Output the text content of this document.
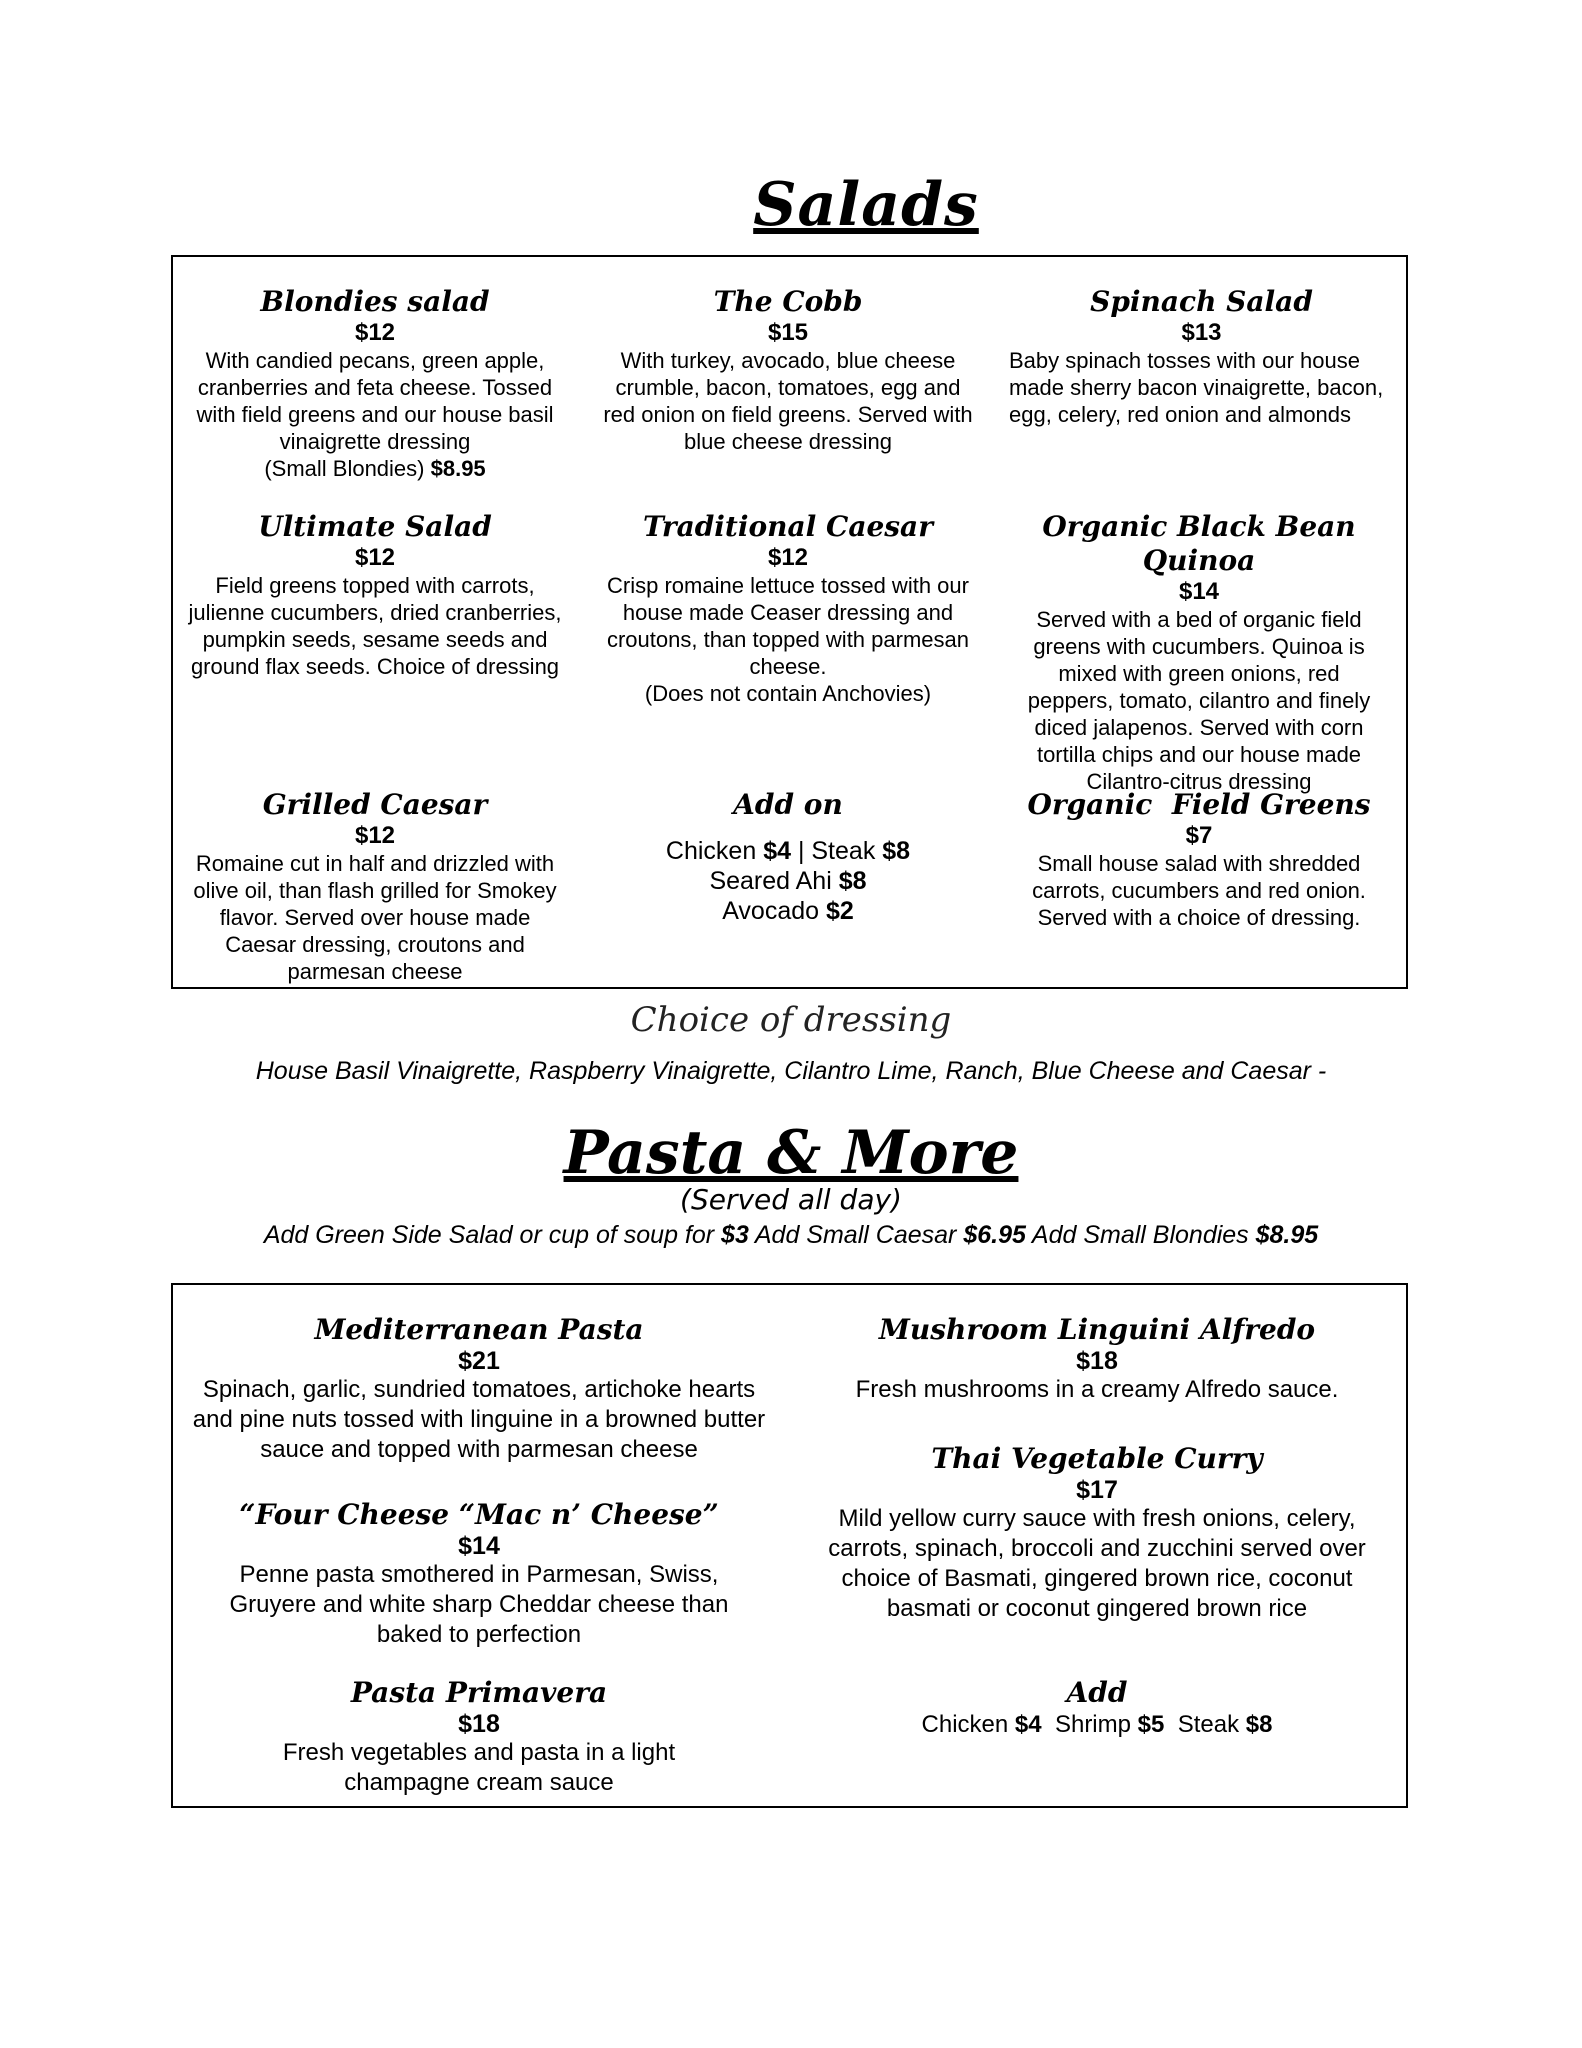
Salads
Blondies salad
$12
With candied pecans, green apple, cranberries and feta cheese. Tossed with field greens and our house basil vinaigrette dressing
(Small Blondies) $8.95
The Cobb
$15
With turkey, avocado, blue cheese crumble, bacon, tomatoes, egg and red onion on field greens. Served with blue cheese dressing
Spinach Salad
$13
Baby spinach tosses with our house made sherry bacon vinaigrette, bacon, egg, celery, red onion and almonds
Ultimate Salad
$12
Field greens topped with carrots, julienne cucumbers, dried cranberries, pumpkin seeds, sesame seeds and ground flax seeds. Choice of dressing
Traditional Caesar
$12
Crisp romaine lettuce tossed with our house made Ceaser dressing and croutons, than topped with parmesan cheese.
(Does not contain Anchovies)
Organic Black Bean Quinoa
$14
Served with a bed of organic field greens with cucumbers. Quinoa is mixed with green onions, red peppers, tomato, cilantro and finely diced jalapenos. Served with corn tortilla chips and our house made Cilantro-citrus dressing
Grilled Caesar
$12
Romaine cut in half and drizzled with olive oil, than flash grilled for Smokey flavor. Served over house made Caesar dressing, croutons and parmesan cheese
Add on
Chicken $4 | Steak $8
Seared Ahi $8
Avocado $2
Organic  Field Greens
$7
Small house salad with shredded carrots, cucumbers and red onion. Served with a choice of dressing.
Choice of dressing
House Basil Vinaigrette, Raspberry Vinaigrette, Cilantro Lime, Ranch, Blue Cheese and Caesar -
Pasta & More
(Served all day)
Add Green Side Salad or cup of soup for $3 Add Small Caesar $6.95 Add Small Blondies $8.95
Mediterranean Pasta
$21
Spinach, garlic, sundried tomatoes, artichoke hearts and pine nuts tossed with linguine in a browned butter sauce and topped with parmesan cheese
Mushroom Linguini Alfredo
$18
Fresh mushrooms in a creamy Alfredo sauce.
Thai Vegetable Curry
$17
Mild yellow curry sauce with fresh onions, celery, carrots, spinach, broccoli and zucchini served over choice of Basmati, gingered brown rice, coconut basmati or coconut gingered brown rice
“Four Cheese “Mac n’ Cheese”
$14
Penne pasta smothered in Parmesan, Swiss, Gruyere and white sharp Cheddar cheese than baked to perfection
Pasta Primavera
$18
Fresh vegetables and pasta in a light champagne cream sauce
Add
Chicken $4  Shrimp $5  Steak $8
